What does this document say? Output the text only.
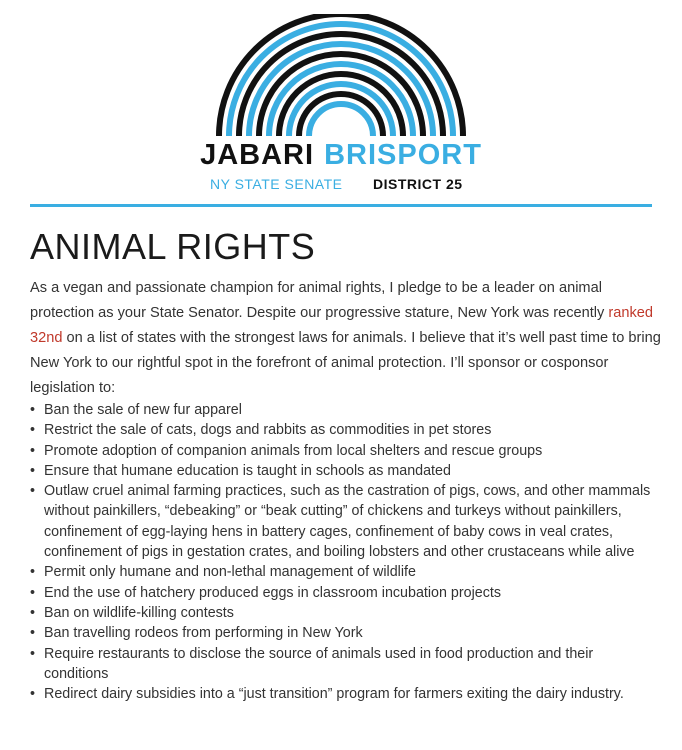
JABARI BRISPORT
NY STATE SENATE DISTRICT 25
ANIMAL RIGHTS

As a vegan and passionate champion for animal rights, I pledge to be a leader on animal protection as your State Senator. Despite our progressive stature, New York was recently ranked 32nd on a list of states with the strongest laws for animals. I believe that it’s well past time to bring New York to our rightful spot in the forefront of animal protection. I’ll sponsor or cosponsor legislation to:

• Ban the sale of new fur apparel
• Restrict the sale of cats, dogs and rabbits as commodities in pet stores
• Promote adoption of companion animals from local shelters and rescue groups
• Ensure that humane education is taught in schools as mandated
• Outlaw cruel animal farming practices, such as the castration of pigs, cows, and other mammals without painkillers, “debeaking” or “beak cutting” of chickens and turkeys without painkillers, confinement of egg-laying hens in battery cages, confinement of baby cows in veal crates, confinement of pigs in gestation crates, and boiling lobsters and other crustaceans while alive
• Permit only humane and non-lethal management of wildlife
• End the use of hatchery produced eggs in classroom incubation projects
• Ban on wildlife-killing contests
• Ban travelling rodeos from performing in New York
• Require restaurants to disclose the source of animals used in food production and their conditions
• Redirect dairy subsidies into a “just transition” program for farmers exiting the dairy industry.
